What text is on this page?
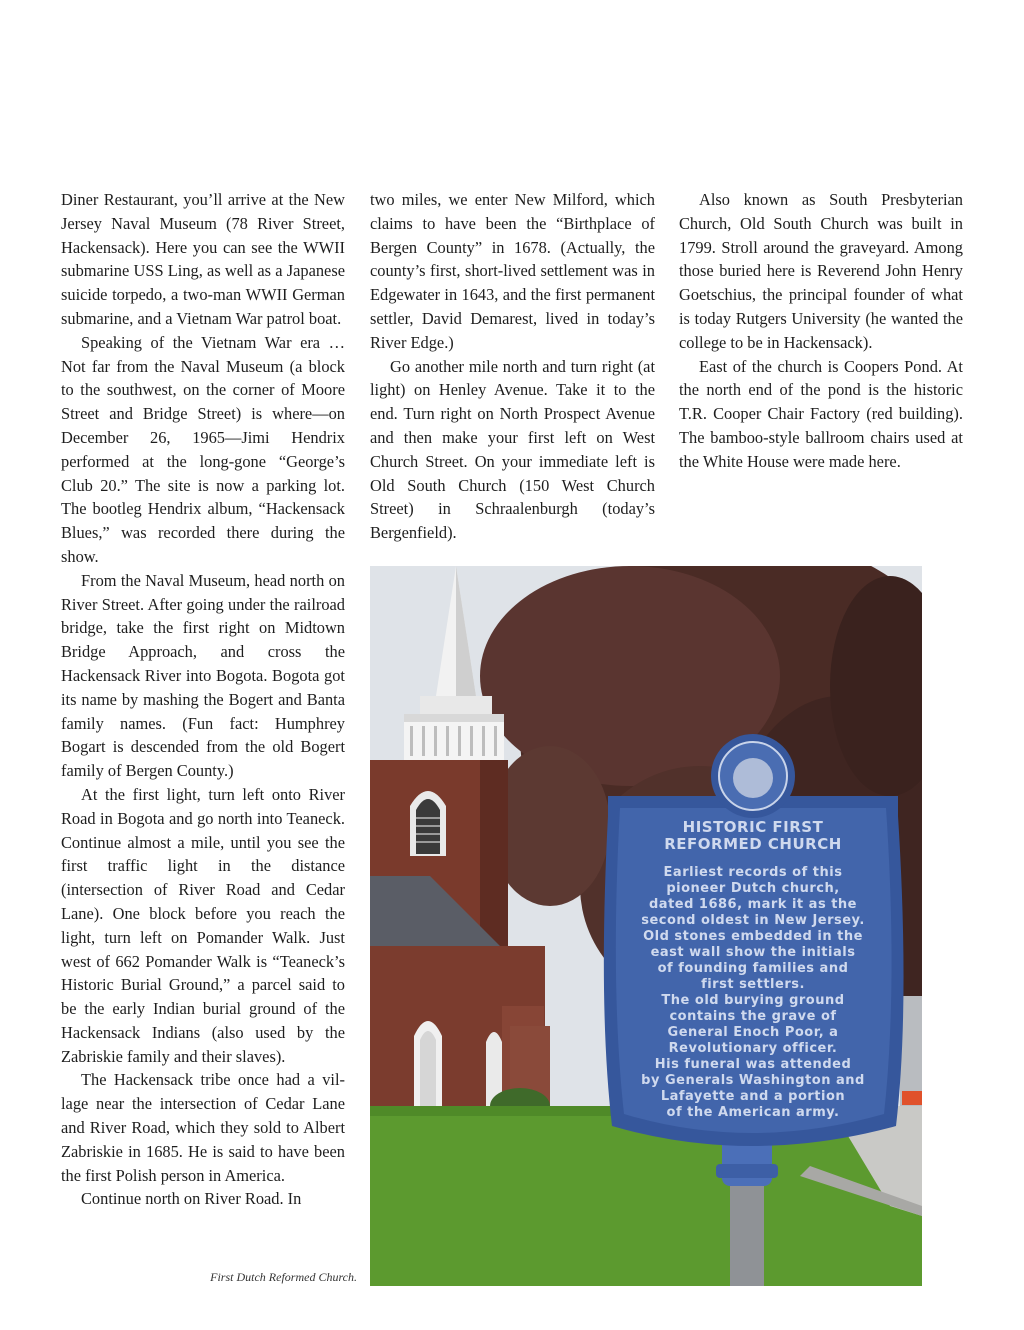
Diner Restaurant, you’ll arrive at the New Jersey Naval Museum (78 River Street, Hackensack). Here you can see the WWII submarine USS Ling, as well as a Japanese suicide torpedo, a two-man WWII German submarine, and a Vietnam War patrol boat.

Speaking of the Vietnam War era … Not far from the Naval Museum (a block to the southwest, on the corner of Moore Street and Bridge Street) is where—on December 26, 1965—Jimi Hendrix performed at the long-gone “George’s Club 20.” The site is now a parking lot. The bootleg Hendrix album, “Hackensack Blues,” was recorded there during the show.

From the Naval Museum, head north on River Street. After going under the railroad bridge, take the first right on Midtown Bridge Approach, and cross the Hackensack River into Bogota. Bogota got its name by mashing the Bogert and Banta family names. (Fun fact: Humphrey Bogart is descended from the old Bogert family of Bergen County.)

At the first light, turn left onto River Road in Bogota and go north into Teaneck. Continue almost a mile, until you see the first traffic light in the distance (intersection of River Road and Cedar Lane). One block before you reach the light, turn left on Pomander Walk. Just west of 662 Pomander Walk is “Teaneck’s Historic Burial Ground,” a parcel said to be the early Indian burial ground of the Hackensack Indians (also used by the Zabriskie family and their slaves).

The Hackensack tribe once had a village near the intersection of Cedar Lane and River Road, which they sold to Albert Zabriskie in 1685. He is said to have been the first Polish person in America.

Continue north on River Road. In

two miles, we enter New Milford, which claims to have been the “Birthplace of Bergen County” in 1678. (Actually, the county’s first, short-lived settlement was in Edgewater in 1643, and the first permanent settler, David Demarest, lived in today’s River Edge.)

Go another mile north and turn right (at light) on Henley Avenue. Take it to the end. Turn right on North Prospect Avenue and then make your first left on West Church Street. On your immediate left is Old South Church (150 West Church Street) in Schraalenburgh (today’s Bergenfield).

Also known as South Presbyterian Church, Old South Church was built in 1799. Stroll around the graveyard. Among those buried here is Reverend John Henry Goetschius, the principal founder of what is today Rutgers University (he wanted the college to be in Hackensack).

East of the church is Coopers Pond. At the north end of the pond is the historic T.R. Cooper Chair Factory (red building). The bamboo-style ballroom chairs used at the White House were made here.

HISTORIC FIRST
REFORMED CHURCH
Earliest records of this
pioneer Dutch church,
dated 1686, mark it as the
second oldest in New Jersey.
Old stones embedded in the
east wall show the initials
of founding families and
first settlers.
The old burying ground
contains the grave of
General Enoch Poor, a
Revolutionary officer.
His funeral was attended
by Generals Washington and
Lafayette and a portion
of the American army.
First Dutch Reformed Church.
